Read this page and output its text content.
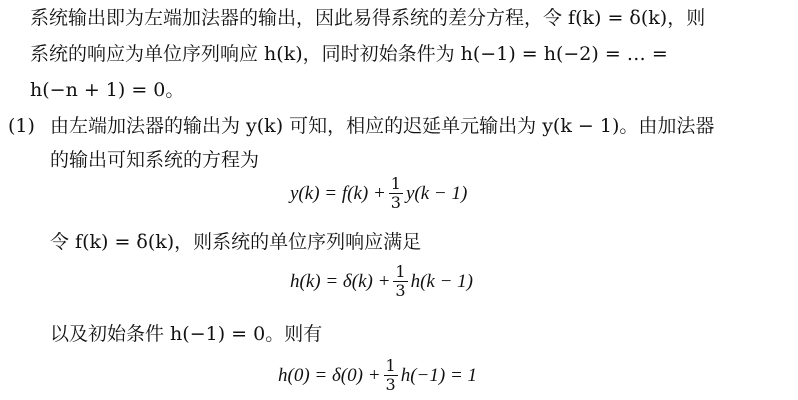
系统输出即为左端加法器的输出，因此易得系统的差分方程，令 f(k) = δ(k)，则
系统的响应为单位序列响应 h(k)，同时初始条件为 h(−1) = h(−2) = … =
h(−n + 1) = 0。
(1) 由左端加法器的输出为 y(k) 可知，相应的迟延单元输出为 y(k − 1)。由加法器
的输出可知系统的方程为
$y(k) = f(k) + \frac{1}{3} y(k - 1)$
令 f(k) = δ(k)，则系统的单位序列响应满足
$h(k) = \delta(k) + \frac{1}{3} h(k - 1)$
以及初始条件 h(−1) = 0。则有
$h(0) = \delta(0) + \frac{1}{3} h(-1) = 1$
